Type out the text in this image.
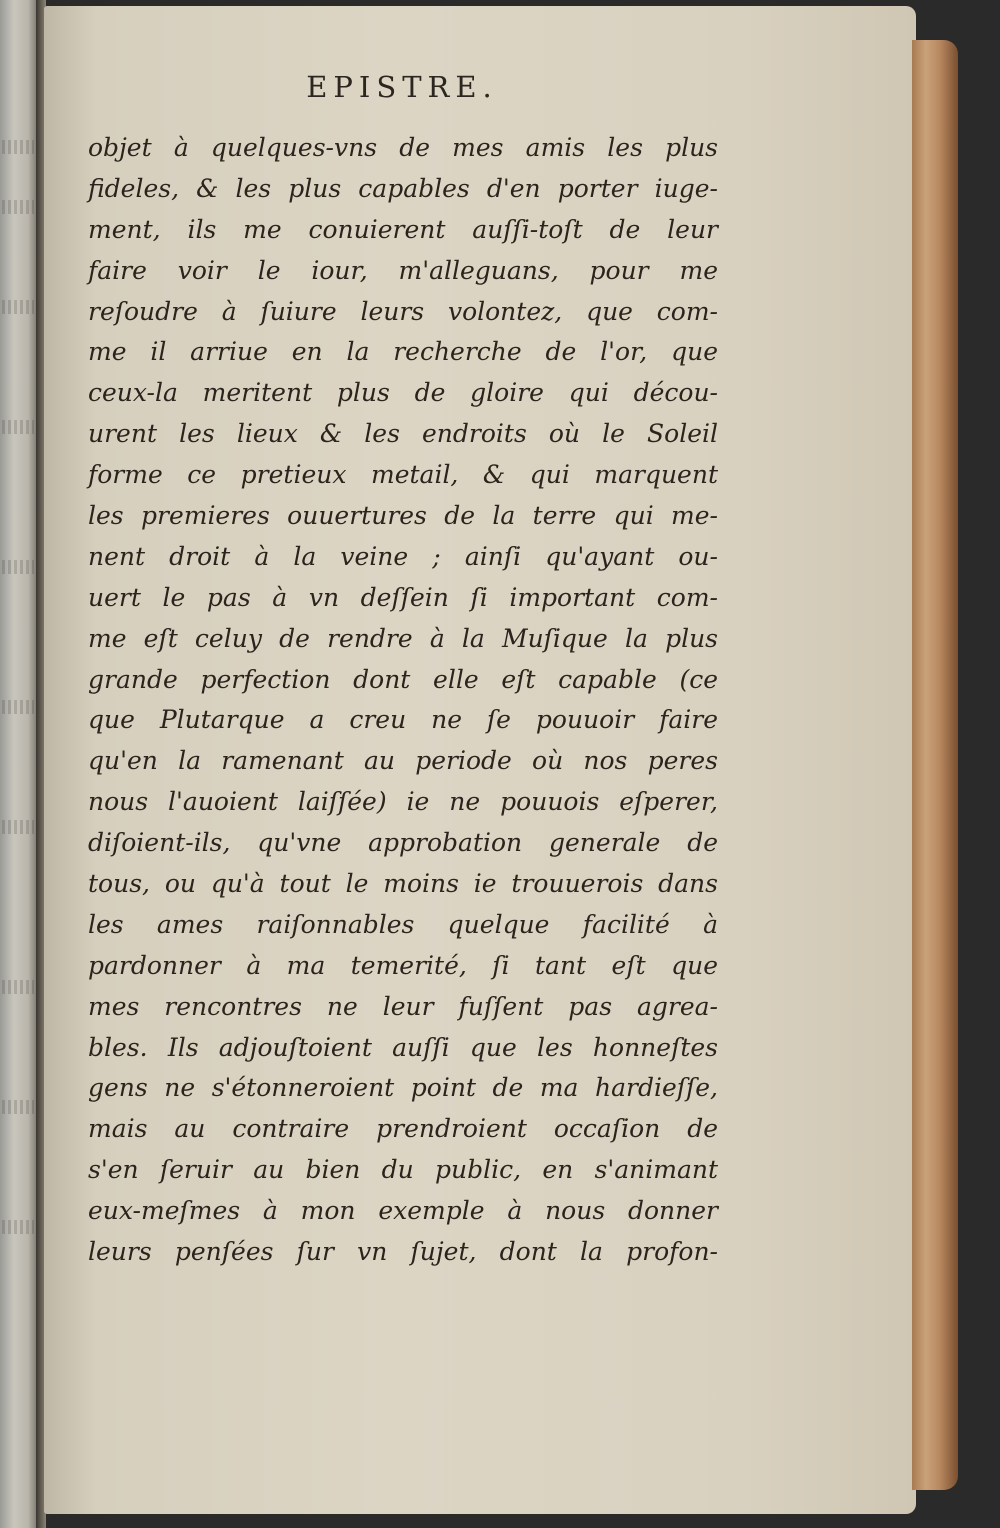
EPISTRE.
objet à quelques-vns de mes amis les plus
fideles, & les plus capables d'en porter iuge-
ment, ils me conuierent auſſi-toſt de leur
faire voir le iour, m'alleguans, pour me
reſoudre à ſuiure leurs volontez, que com-
me il arriue en la recherche de l'or, que
ceux-la meritent plus de gloire qui décou-
urent les lieux & les endroits où le Soleil
forme ce pretieux metail, & qui marquent
les premieres ouuertures de la terre qui me-
nent droit à la veine ; ainſi qu'ayant ou-
uert le pas à vn deſſein ſi important com-
me eſt celuy de rendre à la Muſique la plus
grande perfection dont elle eſt capable (ce
que Plutarque a creu ne ſe pouuoir faire
qu'en la ramenant au periode où nos peres
nous l'auoient laiſſée) ie ne pouuois eſperer,
diſoient-ils, qu'vne approbation generale de
tous, ou qu'à tout le moins ie trouuerois dans
les ames raiſonnables quelque facilité à
pardonner à ma temerité, ſi tant eſt que
mes rencontres ne leur fuſſent pas agrea-
bles. Ils adjouſtoient auſſi que les honneſtes
gens ne s'étonneroient point de ma hardieſſe,
mais au contraire prendroient occaſion de
s'en ſeruir au bien du public, en s'animant
eux-meſmes à mon exemple à nous donner
leurs penſées ſur vn ſujet, dont la profon-
